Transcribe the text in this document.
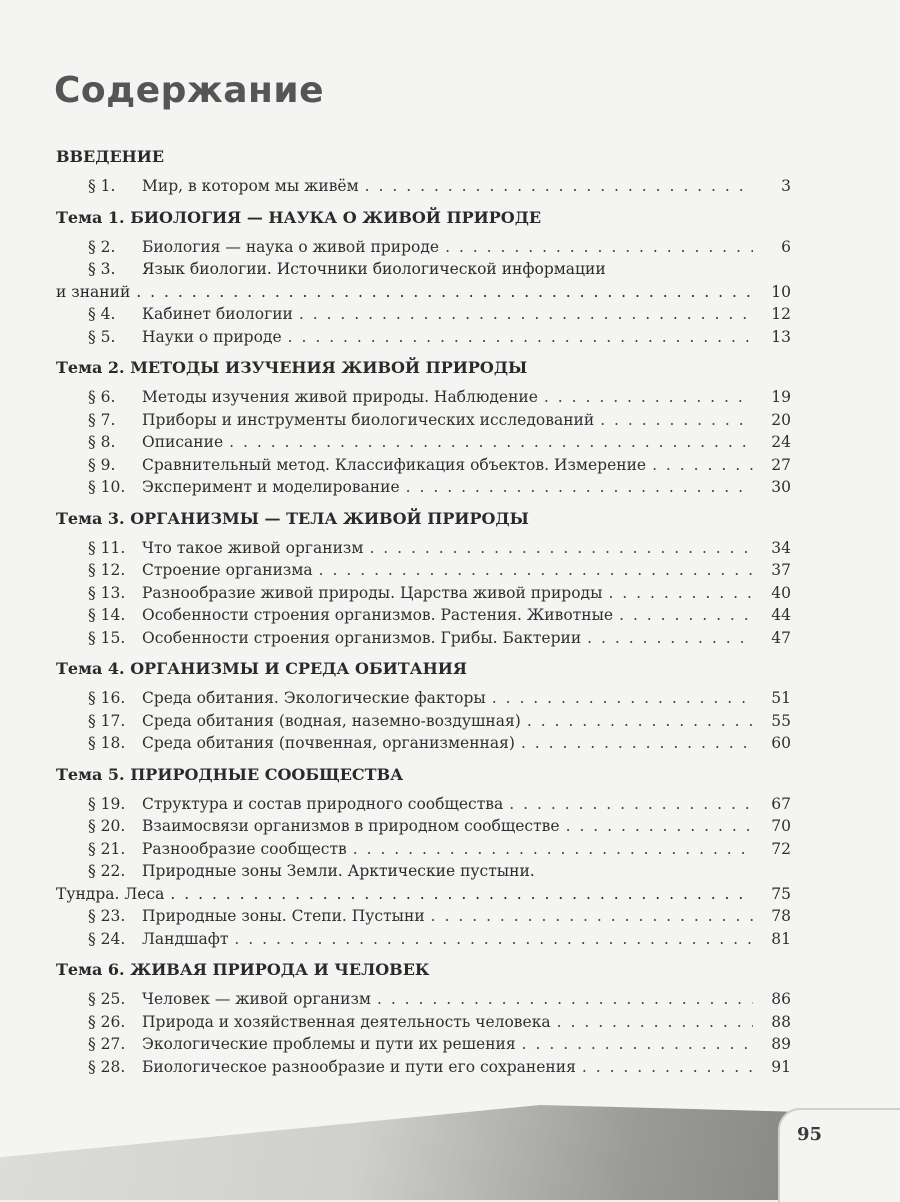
Содержание
ВВЕДЕНИЕ
§ 1.	Мир, в котором мы живём . . .	3
Тема 1. БИОЛОГИЯ — НАУКА О ЖИВОЙ ПРИРОДЕ
§ 2.	Биология — наука о живой природе . . .	6
§ 3.	Язык биологии. Источники биологической информации
и знаний . . .	10
§ 4.	Кабинет биологии . . .	12
§ 5.	Науки о природе . . .	13
Тема 2. МЕТОДЫ ИЗУЧЕНИЯ ЖИВОЙ ПРИРОДЫ
§ 6.	Методы изучения живой природы. Наблюдение . . .	19
§ 7.	Приборы и инструменты биологических исследований . . .	20
§ 8.	Описание . . .	24
§ 9.	Сравнительный метод. Классификация объектов. Измерение . . .	27
§ 10.	Эксперимент и моделирование . . .	30
Тема 3. ОРГАНИЗМЫ — ТЕЛА ЖИВОЙ ПРИРОДЫ
§ 11.	Что такое живой организм . . .	34
§ 12.	Строение организма . . .	37
§ 13.	Разнообразие живой природы. Царства живой природы . . .	40
§ 14.	Особенности строения организмов. Растения. Животные . . .	44
§ 15.	Особенности строения организмов. Грибы. Бактерии . . .	47
Тема 4. ОРГАНИЗМЫ И СРЕДА ОБИТАНИЯ
§ 16.	Среда обитания. Экологические факторы . . .	51
§ 17.	Среда обитания (водная, наземно-воздушная) . . .	55
§ 18.	Среда обитания (почвенная, организменная) . . .	60
Тема 5. ПРИРОДНЫЕ СООБЩЕСТВА
§ 19.	Структура и состав природного сообщества . . .	67
§ 20.	Взаимосвязи организмов в природном сообществе . . .	70
§ 21.	Разнообразие сообществ . . .	72
§ 22.	Природные зоны Земли. Арктические пустыни.
Тундра. Леса . . .	75
§ 23.	Природные зоны. Степи. Пустыни . . .	78
§ 24.	Ландшафт . . .	81
Тема 6. ЖИВАЯ ПРИРОДА И ЧЕЛОВЕК
§ 25.	Человек — живой организм . . .	86
§ 26.	Природа и хозяйственная деятельность человека . . .	88
§ 27.	Экологические проблемы и пути их решения . . .	89
§ 28.	Биологическое разнообразие и пути его сохранения . . .	91
95
